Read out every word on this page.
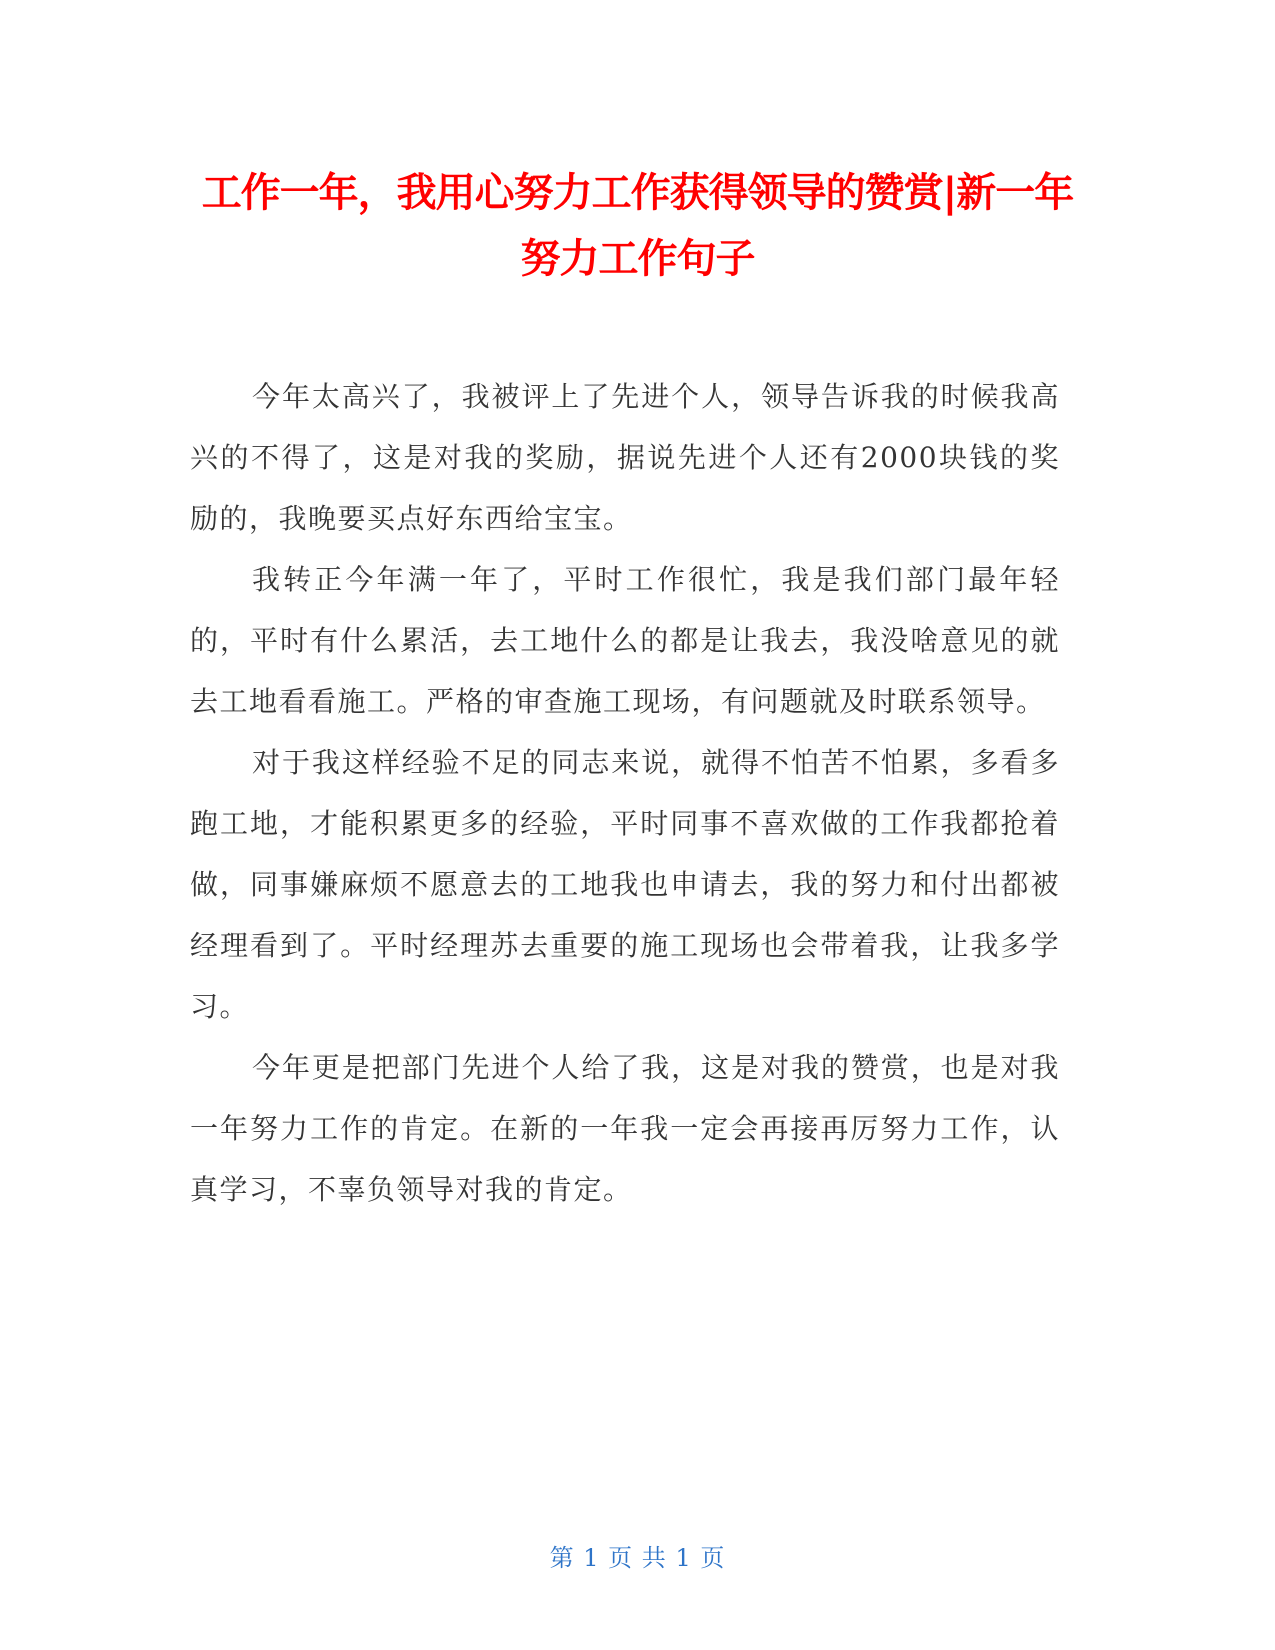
工作一年，我用心努力工作获得领导的赞赏|新一年努力工作句子

今年太高兴了，我被评上了先进个人，领导告诉我的时候我高兴的不得了，这是对我的奖励，据说先进个人还有2000块钱的奖励的，我晚要买点好东西给宝宝。

我转正今年满一年了，平时工作很忙，我是我们部门最年轻的，平时有什么累活，去工地什么的都是让我去，我没啥意见的就去工地看看施工。严格的审查施工现场，有问题就及时联系领导。

对于我这样经验不足的同志来说，就得不怕苦不怕累，多看多跑工地，才能积累更多的经验，平时同事不喜欢做的工作我都抢着做，同事嫌麻烦不愿意去的工地我也申请去，我的努力和付出都被经理看到了。平时经理苏去重要的施工现场也会带着我，让我多学习。

今年更是把部门先进个人给了我，这是对我的赞赏，也是对我一年努力工作的肯定。在新的一年我一定会再接再厉努力工作，认真学习，不辜负领导对我的肯定。

第 1 页 共 1 页
